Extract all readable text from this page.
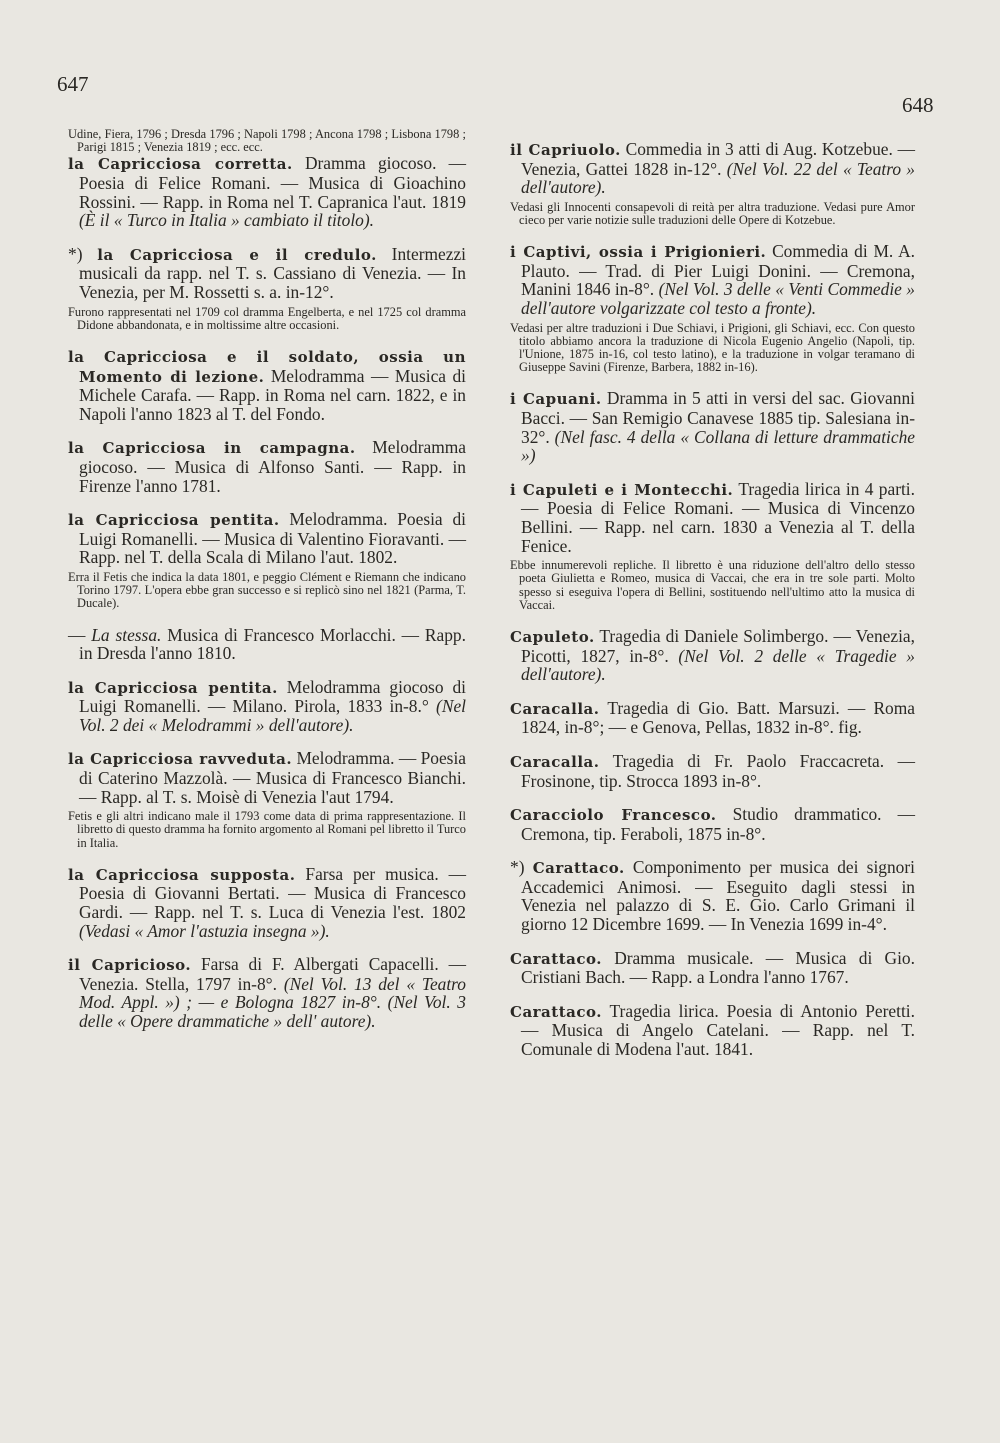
647
648
Udine, Fiera, 1796 ; Dresda 1796 ; Napoli 1798 ; Ancona 1798 ; Lisbona 1798 ; Parigi 1815 ; Venezia 1819 ; ecc. ecc.
la Capricciosa corretta. Dramma giocoso. — Poesia di Felice Romani. — Musica di Gioachino Rossini. — Rapp. in Roma nel T. Capranica l'aut. 1819 (È il « Turco in Italia » cambiato il titolo).
*) la Capricciosa e il credulo. Intermezzi musicali da rapp. nel T. s. Cassiano di Venezia. — In Venezia, per M. Rossetti s. a. in-12°.
Furono rappresentati nel 1709 col dramma Engelberta, e nel 1725 col dramma Didone abbandonata, e in moltissime altre occasioni.
la Capricciosa e il soldato, ossia un Momento di lezione. Melodramma — Musica di Michele Carafa. — Rapp. in Roma nel carn. 1822, e in Napoli l'anno 1823 al T. del Fondo.
la Capricciosa in campagna. Melodramma giocoso. — Musica di Alfonso Santi. — Rapp. in Firenze l'anno 1781.
la Capricciosa pentita. Melodramma. Poesia di Luigi Romanelli. — Musica di Valentino Fioravanti. — Rapp. nel T. della Scala di Milano l'aut. 1802.
Erra il Fetis che indica la data 1801, e peggio Clément e Riemann che indicano Torino 1797. L'opera ebbe gran successo e si replicò sino nel 1821 (Parma, T. Ducale).
— La stessa. Musica di Francesco Morlacchi. — Rapp. in Dresda l'anno 1810.
la Capricciosa pentita. Melodramma giocoso di Luigi Romanelli. — Milano. Pirola, 1833 in-8.° (Nel Vol. 2 dei « Melodrammi » dell'autore).
la Capricciosa ravveduta. Melodramma. — Poesia di Caterino Mazzolà. — Musica di Francesco Bianchi. — Rapp. al T. s. Moisè di Venezia l'aut 1794.
Fetis e gli altri indicano male il 1793 come data di prima rappresentazione. Il libretto di questo dramma ha fornito argomento al Romani pel libretto il Turco in Italia.
la Capricciosa supposta. Farsa per musica. — Poesia di Giovanni Bertati. — Musica di Francesco Gardi. — Rapp. nel T. s. Luca di Venezia l'est. 1802 (Vedasi « Amor l'astuzia insegna »).
il Capricioso. Farsa di F. Albergati Capacelli. — Venezia. Stella, 1797 in-8°. (Nel Vol. 13 del « Teatro Mod. Appl. ») ; — e Bologna 1827 in-8°. (Nel Vol. 3 delle « Opere drammatiche » dell' autore).
il Capriuolo. Commedia in 3 atti di Aug. Kotzebue. — Venezia, Gattei 1828 in-12°. (Nel Vol. 22 del « Teatro » dell'autore).
Vedasi gli Innocenti consapevoli di reità per altra traduzione. Vedasi pure Amor cieco per varie notizie sulle traduzioni delle Opere di Kotzebue.
i Captivi, ossia i Prigionieri. Commedia di M. A. Plauto. — Trad. di Pier Luigi Donini. — Cremona, Manini 1846 in-8°. (Nel Vol. 3 delle « Venti Commedie » dell'autore volgarizzate col testo a fronte).
Vedasi per altre traduzioni i Due Schiavi, i Prigioni, gli Schiavi, ecc. Con questo titolo abbiamo ancora la traduzione di Nicola Eugenio Angelio (Napoli, tip. l'Unione, 1875 in-16, col testo latino), e la traduzione in volgar teramano di Giuseppe Savini (Firenze, Barbera, 1882 in-16).
i Capuani. Dramma in 5 atti in versi del sac. Giovanni Bacci. — San Remigio Canavese 1885 tip. Salesiana in-32°. (Nel fasc. 4 della « Collana di letture drammatiche »)
i Capuleti e i Montecchi. Tragedia lirica in 4 parti. — Poesia di Felice Romani. — Musica di Vincenzo Bellini. — Rapp. nel carn. 1830 a Venezia al T. della Fenice.
Ebbe innumerevoli repliche. Il libretto è una riduzione dell'altro dello stesso poeta Giulietta e Romeo, musica di Vaccai, che era in tre sole parti. Molto spesso si eseguiva l'opera di Bellini, sostituendo nell'ultimo atto la musica di Vaccai.
Capuleto. Tragedia di Daniele Solimbergo. — Venezia, Picotti, 1827, in-8°. (Nel Vol. 2 delle « Tragedie » dell'autore).
Caracalla. Tragedia di Gio. Batt. Marsuzi. — Roma 1824, in-8°; — e Genova, Pellas, 1832 in-8°. fig.
Caracalla. Tragedia di Fr. Paolo Fraccacreta. — Frosinone, tip. Strocca 1893 in-8°.
Caracciolo Francesco. Studio drammatico. — Cremona, tip. Feraboli, 1875 in-8°.
*) Carattaco. Componimento per musica dei signori Accademici Animosi. — Eseguito dagli stessi in Venezia nel palazzo di S. E. Gio. Carlo Grimani il giorno 12 Dicembre 1699. — In Venezia 1699 in-4°.
Carattaco. Dramma musicale. — Musica di Gio. Cristiani Bach. — Rapp. a Londra l'anno 1767.
Carattaco. Tragedia lirica. Poesia di Antonio Peretti. — Musica di Angelo Catelani. — Rapp. nel T. Comunale di Modena l'aut. 1841.
